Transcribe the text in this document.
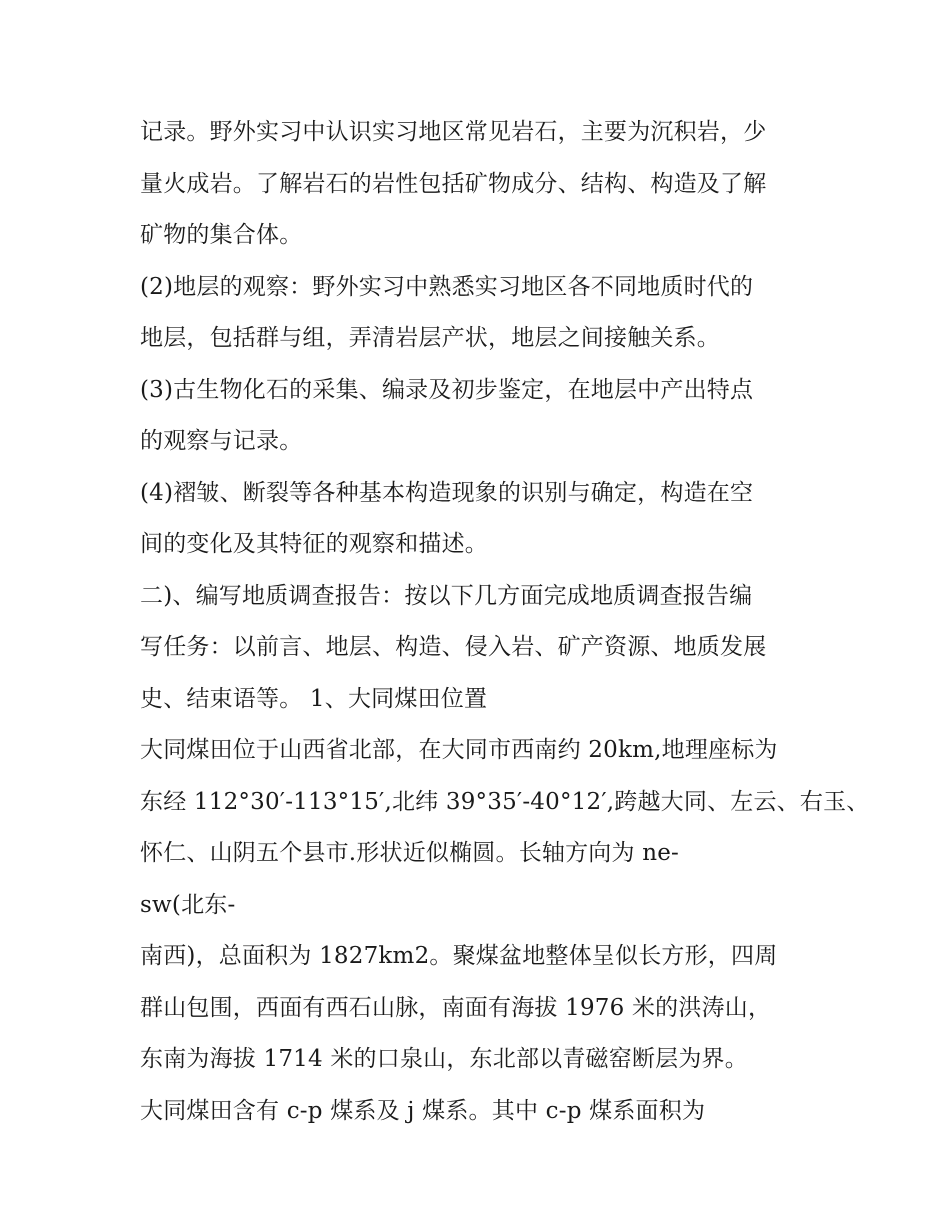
记录。野外实习中认识实习地区常见岩石，主要为沉积岩，少
量火成岩。了解岩石的岩性包括矿物成分、结构、构造及了解
矿物的集合体。
(2)地层的观察：野外实习中熟悉实习地区各不同地质时代的
地层，包括群与组，弄清岩层产状，地层之间接触关系。
(3)古生物化石的采集、编录及初步鉴定，在地层中产出特点
的观察与记录。
(4)褶皱、断裂等各种基本构造现象的识别与确定，构造在空
间的变化及其特征的观察和描述。
二)、编写地质调查报告：按以下几方面完成地质调查报告编
写任务：以前言、地层、构造、侵入岩、矿产资源、地质发展
史、结束语等。 1、大同煤田位置
大同煤田位于山西省北部，在大同市西南约 20km,地理座标为
东经 112°30′-113°15′,北纬 39°35′-40°12′,跨越大同、左云、右玉、
怀仁、山阴五个县市.形状近似椭圆。长轴方向为 ne-
sw(北东-
南西)，总面积为 1827km2。聚煤盆地整体呈似长方形，四周
群山包围，西面有西石山脉，南面有海拔 1976 米的洪涛山，
东南为海拔 1714 米的口泉山，东北部以青磁窑断层为界。
大同煤田含有 c-p 煤系及 j 煤系。其中 c-p 煤系面积为
